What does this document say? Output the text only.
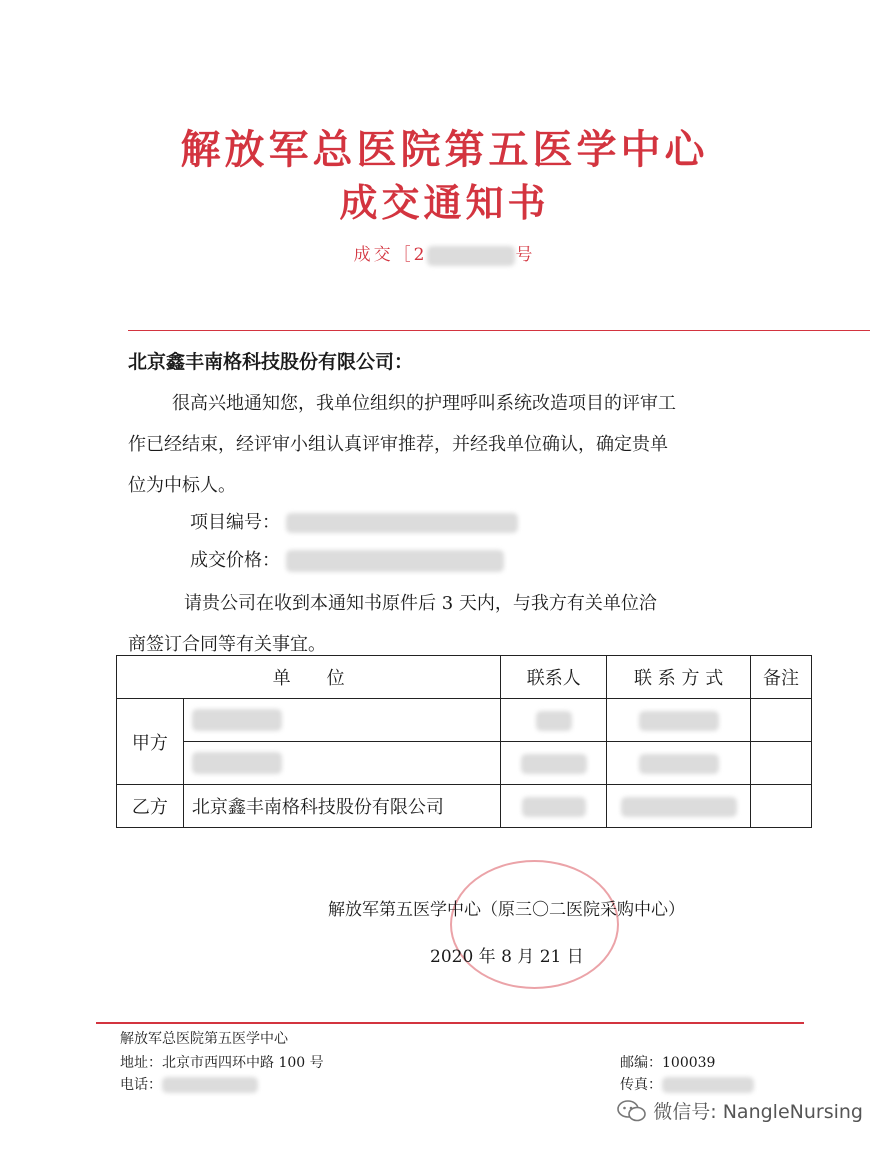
解放军总医院第五医学中心
成交通知书
成交［2	号
北京鑫丰南格科技股份有限公司：
很高兴地通知您，我单位组织的护理呼叫系统改造项目的评审工
作已经结束，经评审小组认真评审推荐，并经我单位确认，确定贵单
位为中标人。
项目编号：
成交价格：
请贵公司在收到本通知书原件后 3 天内，与我方有关单位洽
商签订合同等有关事宜。
单　　位		联系人	联 系 方 式	备注
甲方				

乙方	北京鑫丰南格科技股份有限公司			
解放军第五医学中心（原三〇二医院采购中心）
2020 年 8 月 21 日
解放军总医院第五医学中心
地址：北京市西四环中路 100 号
电话：
邮编：100039
传真：
微信号: NangleNursing
